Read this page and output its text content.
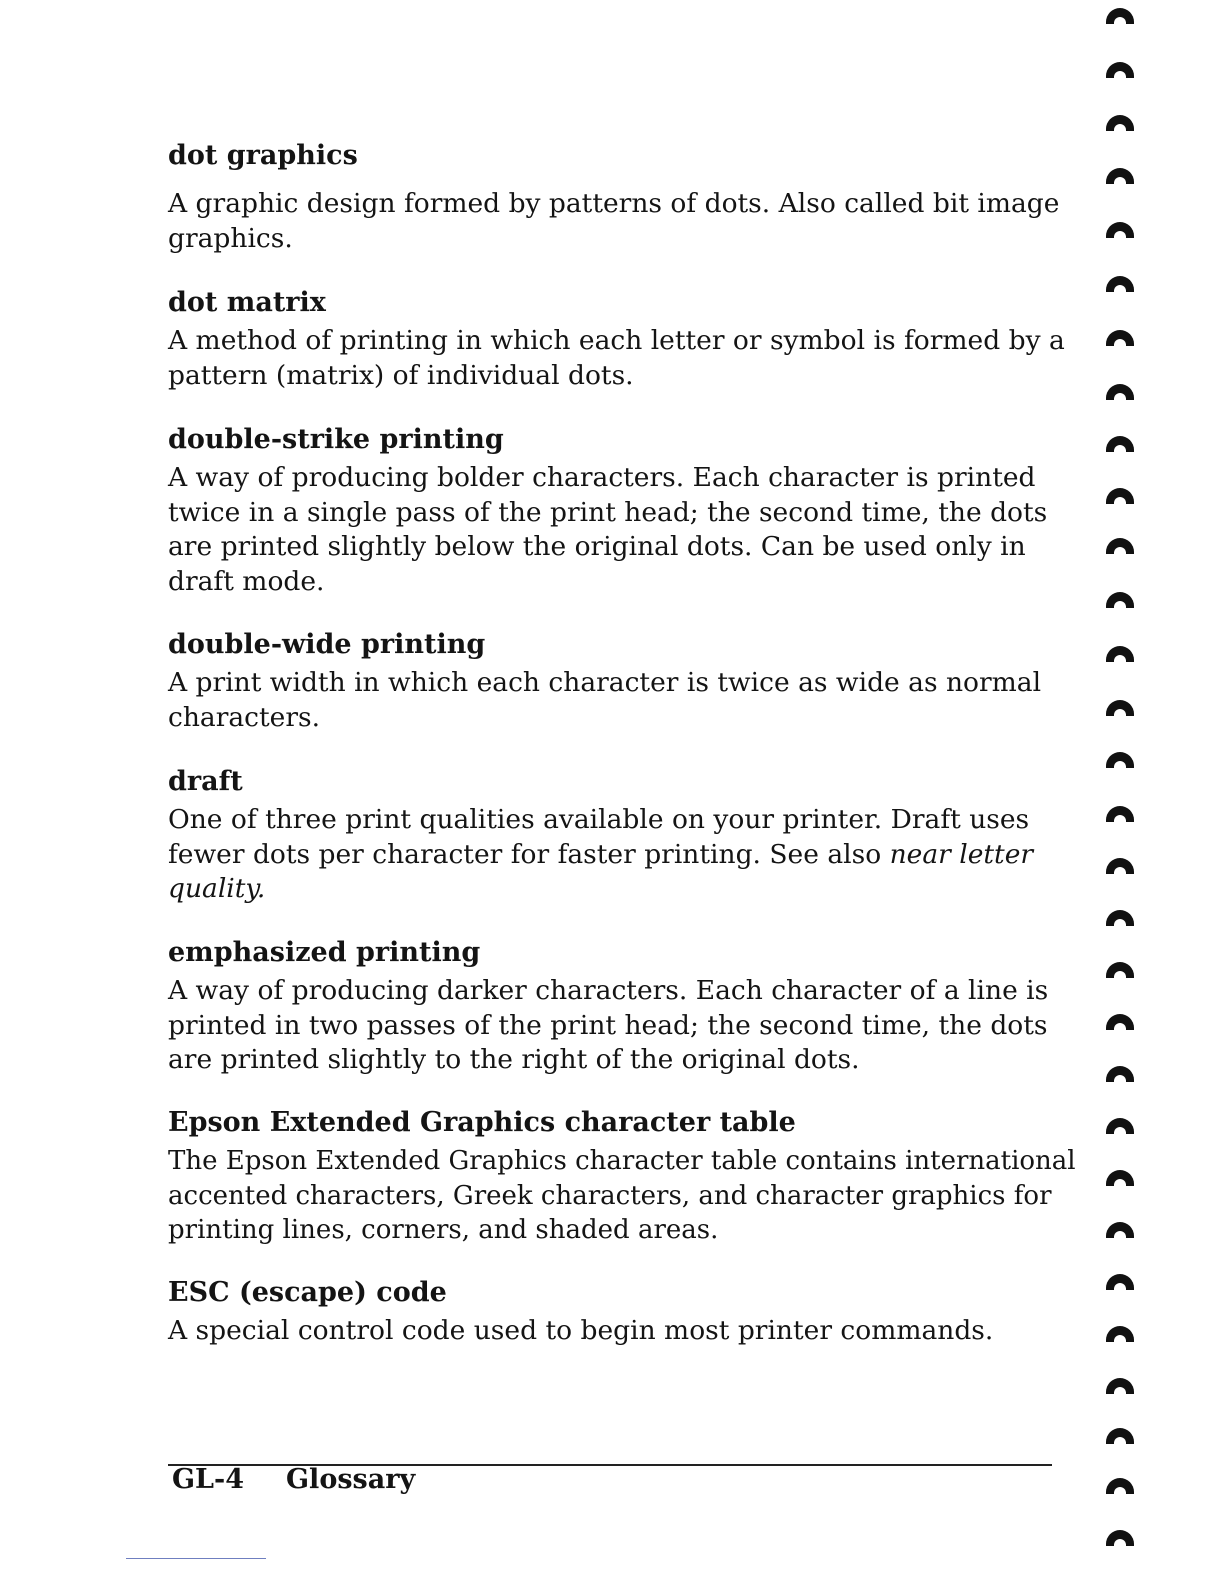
dot graphics

A graphic design formed by patterns of dots. Also called bit image graphics.

dot matrix

A method of printing in which each letter or symbol is formed by a pattern (matrix) of individual dots.

double-strike printing

A way of producing bolder characters. Each character is printed twice in a single pass of the print head; the second time, the dots are printed slightly below the original dots. Can be used only in draft mode.

double-wide printing

A print width in which each character is twice as wide as normal characters.

draft

One of three print qualities available on your printer. Draft uses fewer dots per character for faster printing. See also near letter quality.

emphasized printing

A way of producing darker characters. Each character of a line is printed in two passes of the print head; the second time, the dots are printed slightly to the right of the original dots.

Epson Extended Graphics character table

The Epson Extended Graphics character table contains international accented characters, Greek characters, and character graphics for printing lines, corners, and shaded areas.

ESC (escape) code

A special control code used to begin most printer commands.

GL-4 Glossary
